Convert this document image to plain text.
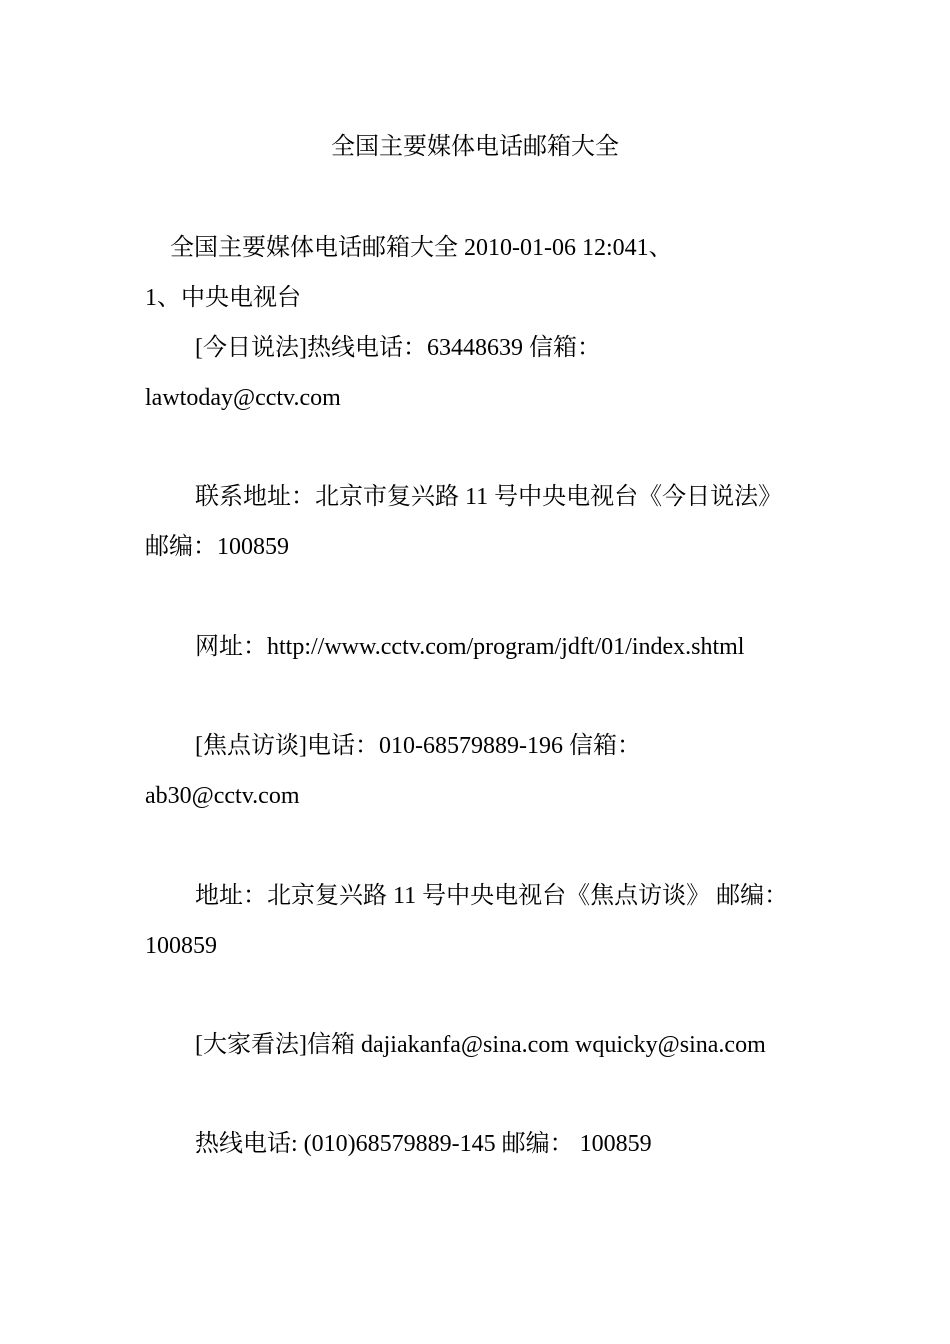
全国主要媒体电话邮箱大全
全国主要媒体电话邮箱大全 2010-01-06 12:041、
1、中央电视台
[今日说法]热线电话：63448639 信箱：
lawtoday@cctv.com
联系地址：北京市复兴路 11 号中央电视台《今日说法》
邮编：100859
网址：http://www.cctv.com/program/jdft/01/index.shtml
[焦点访谈]电话：010-68579889-196 信箱：
ab30@cctv.com
地址：北京复兴路 11 号中央电视台《焦点访谈》 邮编：
100859
[大家看法]信箱 dajiakanfa@sina.com wquicky@sina.com
热线电话: (010)68579889-145 邮编： 100859
